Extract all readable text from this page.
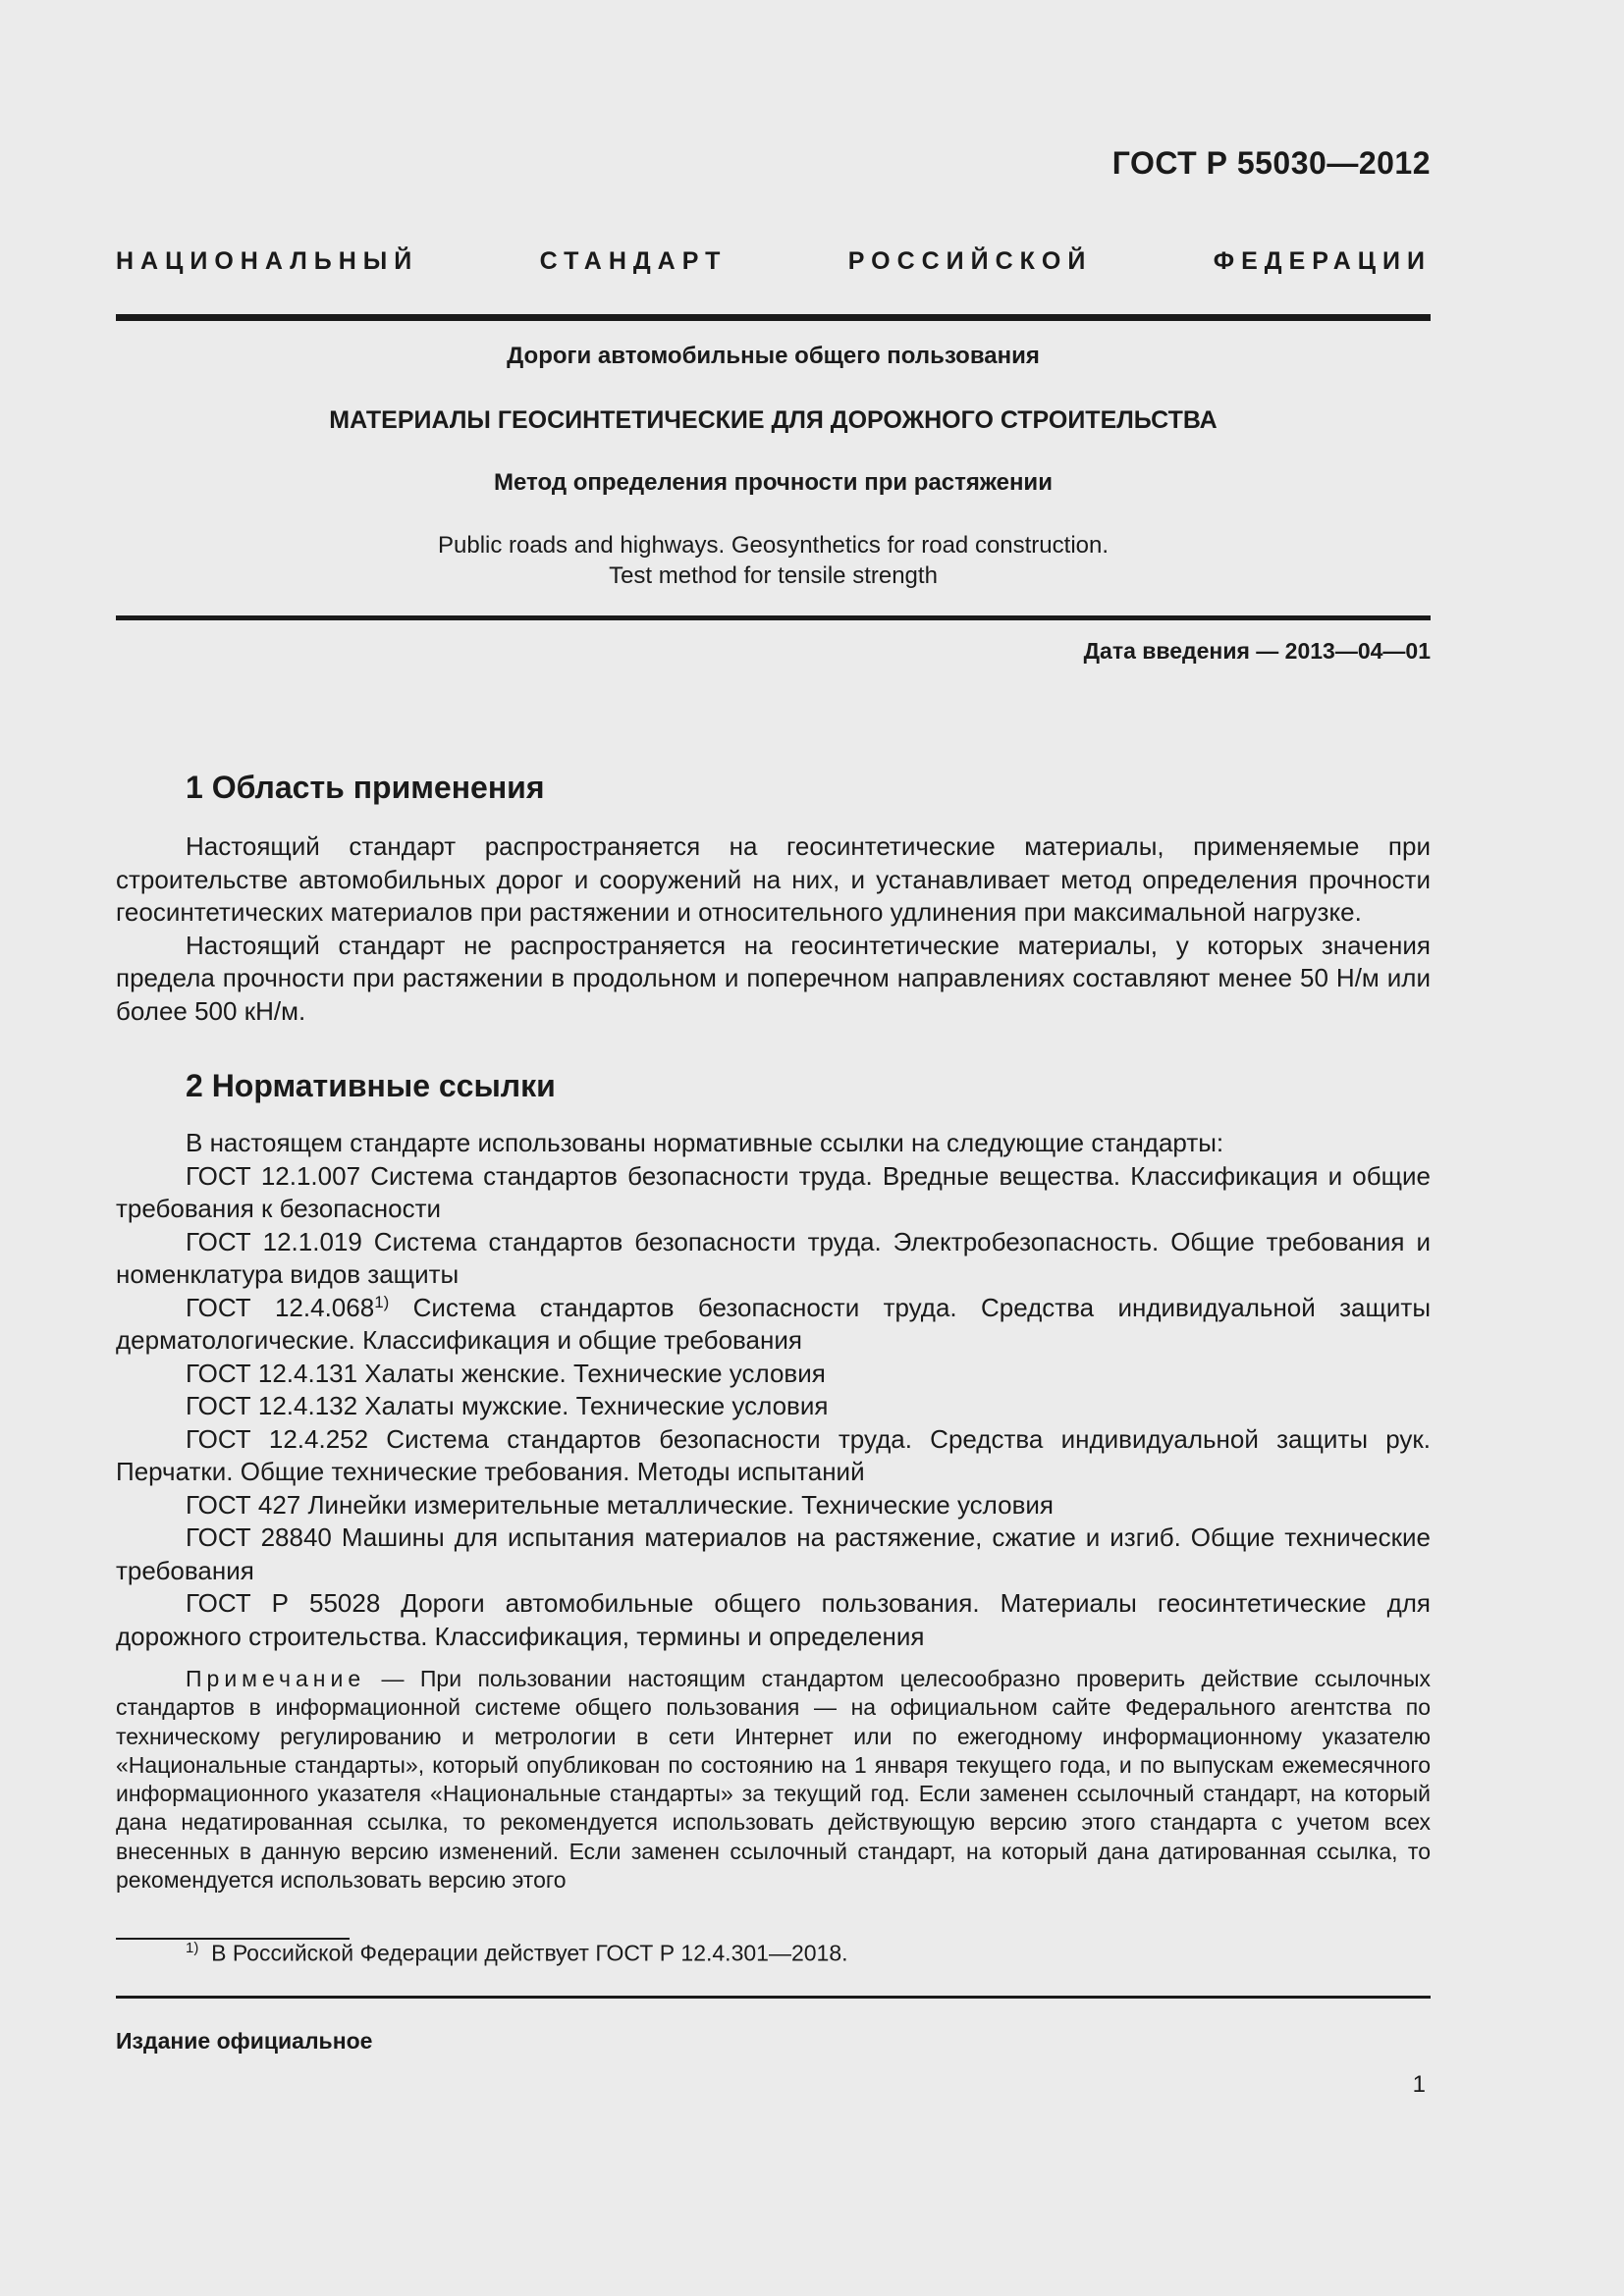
ГОСТ Р 55030—2012
НАЦИОНАЛЬНЫЙ СТАНДАРТ РОССИЙСКОЙ ФЕДЕРАЦИИ
Дороги автомобильные общего пользования
МАТЕРИАЛЫ ГЕОСИНТЕТИЧЕСКИЕ ДЛЯ ДОРОЖНОГО СТРОИТЕЛЬСТВА
Метод определения прочности при растяжении
Public roads and highways. Geosynthetics for road construction.
Test method for tensile strength
Дата введения — 2013—04—01
1 Область применения

Настоящий стандарт распространяется на геосинтетические материалы, применяемые при строительстве автомобильных дорог и сооружений на них, и устанавливает метод определения прочности геосинтетических материалов при растяжении и относительного удлинения при максимальной нагрузке.

Настоящий стандарт не распространяется на геосинтетические материалы, у которых значения предела прочности при растяжении в продольном и поперечном направлениях составляют менее 50 Н/м или более 500 кН/м.

2 Нормативные ссылки

В настоящем стандарте использованы нормативные ссылки на следующие стандарты:

ГОСТ 12.1.007 Система стандартов безопасности труда. Вредные вещества. Классификация и общие требования к безопасности

ГОСТ 12.1.019 Система стандартов безопасности труда. Электробезопасность. Общие требования и номенклатура видов защиты

ГОСТ 12.4.068$^{1)}$ Система стандартов безопасности труда. Средства индивидуальной защиты дерматологические. Классификация и общие требования

ГОСТ 12.4.131 Халаты женские. Технические условия

ГОСТ 12.4.132 Халаты мужские. Технические условия

ГОСТ 12.4.252 Система стандартов безопасности труда. Средства индивидуальной защиты рук. Перчатки. Общие технические требования. Методы испытаний

ГОСТ 427 Линейки измерительные металлические. Технические условия

ГОСТ 28840 Машины для испытания материалов на растяжение, сжатие и изгиб. Общие технические требования

ГОСТ Р 55028 Дороги автомобильные общего пользования. Материалы геосинтетические для дорожного строительства. Классификация, термины и определения

Примечание — При пользовании настоящим стандартом целесообразно проверить действие ссылочных стандартов в информационной системе общего пользования — на официальном сайте Федерального агентства по техническому регулированию и метрологии в сети Интернет или по ежегодному информационному указателю «Национальные стандарты», который опубликован по состоянию на 1 января текущего года, и по выпускам ежемесячного информационного указателя «Национальные стандарты» за текущий год. Если заменен ссылочный стандарт, на который дана недатированная ссылка, то рекомендуется использовать действующую версию этого стандарта с учетом всех внесенных в данную версию изменений. Если заменен ссылочный стандарт, на который дана датированная ссылка, то рекомендуется использовать версию этого

$^{1)}$ В Российской Федерации действует ГОСТ Р 12.4.301—2018.
Издание официальное
1
